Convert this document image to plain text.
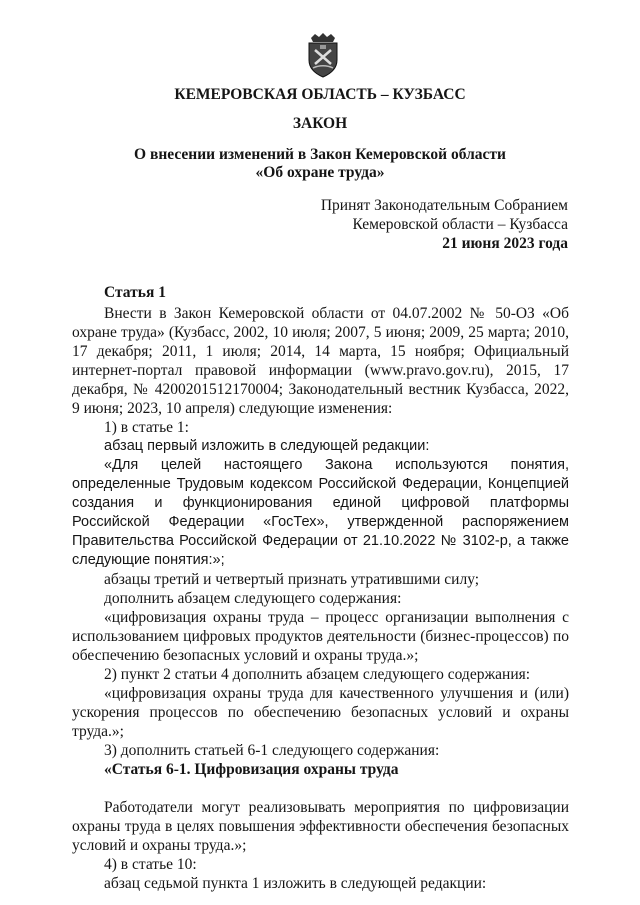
КЕМЕРОВСКАЯ ОБЛАСТЬ – КУЗБАСС
ЗАКОН
О внесении изменений в Закон Кемеровской области
«Об охране труда»
Принят Законодательным Собранием
Кемеровской области – Кузбасса
21 июня 2023 года

Статья 1

Внести в Закон Кемеровской области от 04.07.2002 № 50-ОЗ «Об охране труда» (Кузбасс, 2002, 10 июля; 2007, 5 июня; 2009, 25 марта; 2010, 17 декабря; 2011, 1 июля; 2014, 14 марта, 15 ноября; Официальный интернет-портал правовой информации (www.pravo.gov.ru), 2015, 17 декабря, № 4200201512170004; Законодательный вестник Кузбасса, 2022, 9 июня; 2023, 10 апреля) следующие изменения:

1) в статье 1:

абзац первый изложить в следующей редакции:

«Для целей настоящего Закона используются понятия, определенные Трудовым кодексом Российской Федерации, Концепцией создания и функционирования единой цифровой платформы Российской Федерации «ГосТех», утвержденной распоряжением Правительства Российской Федерации от 21.10.2022 № 3102-р, а также следующие понятия:»;

абзацы третий и четвертый признать утратившими силу;

дополнить абзацем следующего содержания:

«цифровизация охраны труда – процесс организации выполнения с использованием цифровых продуктов деятельности (бизнес-процессов) по обеспечению безопасных условий и охраны труда.»;

2) пункт 2 статьи 4 дополнить абзацем следующего содержания:

«цифровизация охраны труда для качественного улучшения и (или) ускорения процессов по обеспечению безопасных условий и охраны труда.»;

3) дополнить статьей 6-1 следующего содержания:

«Статья 6-1. Цифровизация охраны труда

Работодатели могут реализовывать мероприятия по цифровизации охраны труда в целях повышения эффективности обеспечения безопасных условий и охраны труда.»;

4) в статье 10:

абзац седьмой пункта 1 изложить в следующей редакции:
